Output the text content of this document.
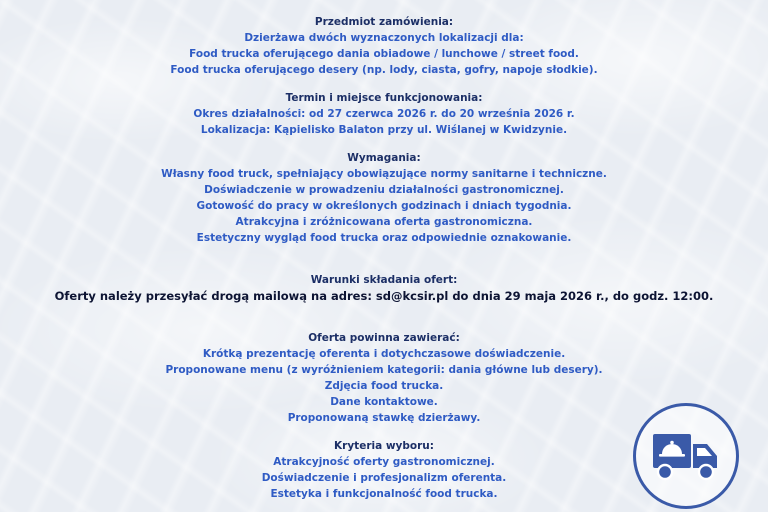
Przedmiot zamówienia:
Dzierżawa dwóch wyznaczonych lokalizacji dla:
Food trucka oferującego dania obiadowe / lunchowe / street food.
Food trucka oferującego desery (np. lody, ciasta, gofry, napoje słodkie).
Termin i miejsce funkcjonowania:
Okres działalności: od 27 czerwca 2026 r. do 20 września 2026 r.
Lokalizacja: Kąpielisko Balaton przy ul. Wiślanej w Kwidzynie.
Wymagania:
Własny food truck, spełniający obowiązujące normy sanitarne i techniczne.
Doświadczenie w prowadzeniu działalności gastronomicznej.
Gotowość do pracy w określonych godzinach i dniach tygodnia.
Atrakcyjna i zróżnicowana oferta gastronomiczna.
Estetyczny wygląd food trucka oraz odpowiednie oznakowanie.
Warunki składania ofert:
Oferty należy przesyłać drogą mailową na adres: sd@kcsir.pl do dnia 29 maja 2026 r., do godz. 12:00.
Oferta powinna zawierać:
Krótką prezentację oferenta i dotychczasowe doświadczenie.
Proponowane menu (z wyróżnieniem kategorii: dania główne lub desery).
Zdjęcia food trucka.
Dane kontaktowe.
Proponowaną stawkę dzierżawy.
Kryteria wyboru:
Atrakcyjność oferty gastronomicznej.
Doświadczenie i profesjonalizm oferenta.
Estetyka i funkcjonalność food trucka.
